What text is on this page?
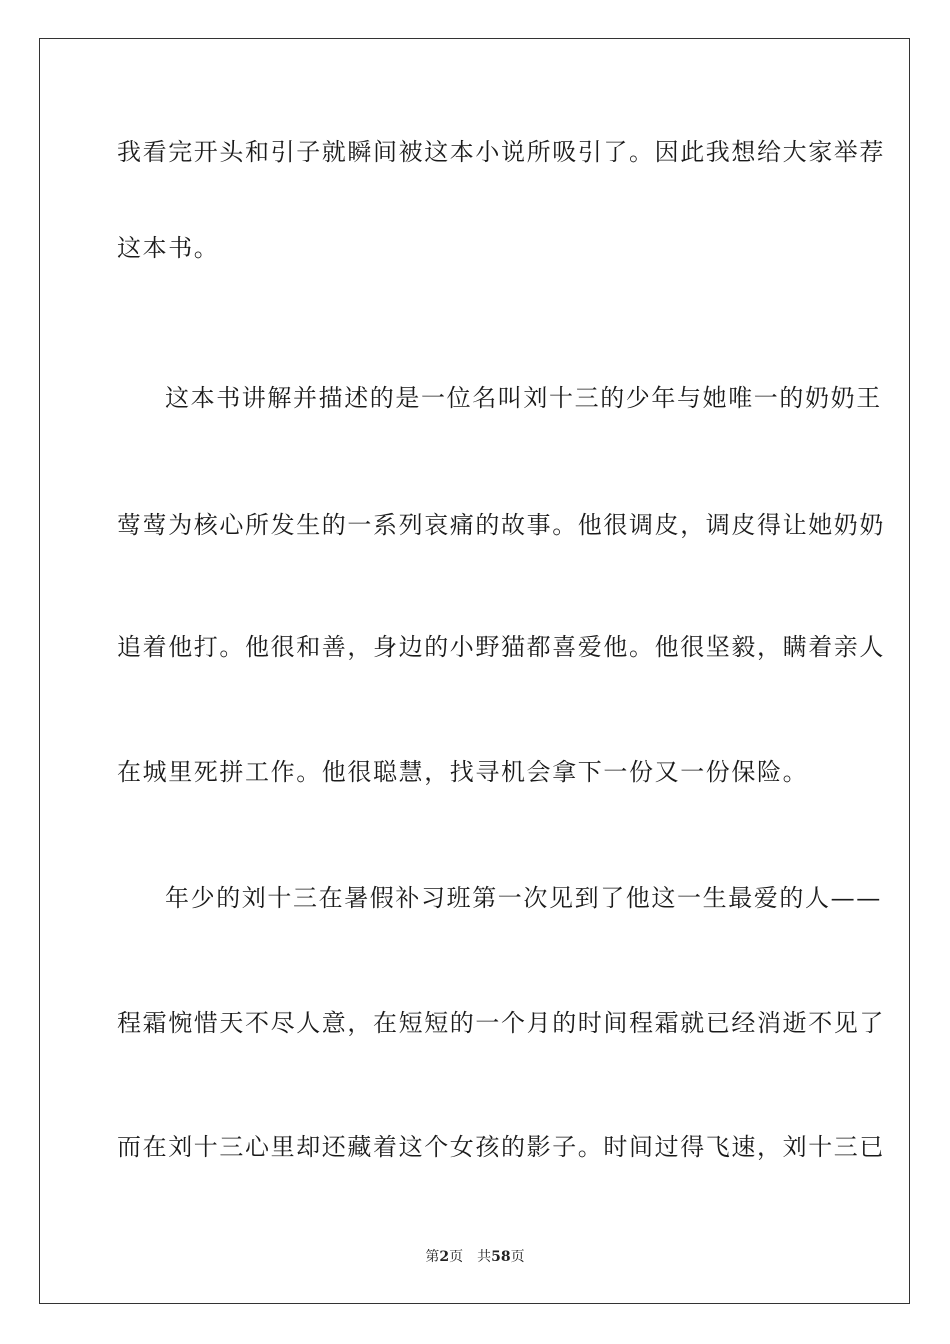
我看完开头和引子就瞬间被这本小说所吸引了。因此我想给大家举荐
这本书。
这本书讲解并描述的是一位名叫刘十三的少年与她唯一的奶奶王
莺莺为核心所发生的一系列哀痛的故事。他很调皮，调皮得让她奶奶
追着他打。他很和善，身边的小野猫都喜爱他。他很坚毅，瞒着亲人
在城里死拼工作。他很聪慧，找寻机会拿下一份又一份保险。
年少的刘十三在暑假补习班第一次见到了他这一生最爱的人——
程霜惋惜天不尽人意，在短短的一个月的时间程霜就已经消逝不见了
而在刘十三心里却还藏着这个女孩的影子。时间过得飞速，刘十三已
第2页 共58页
